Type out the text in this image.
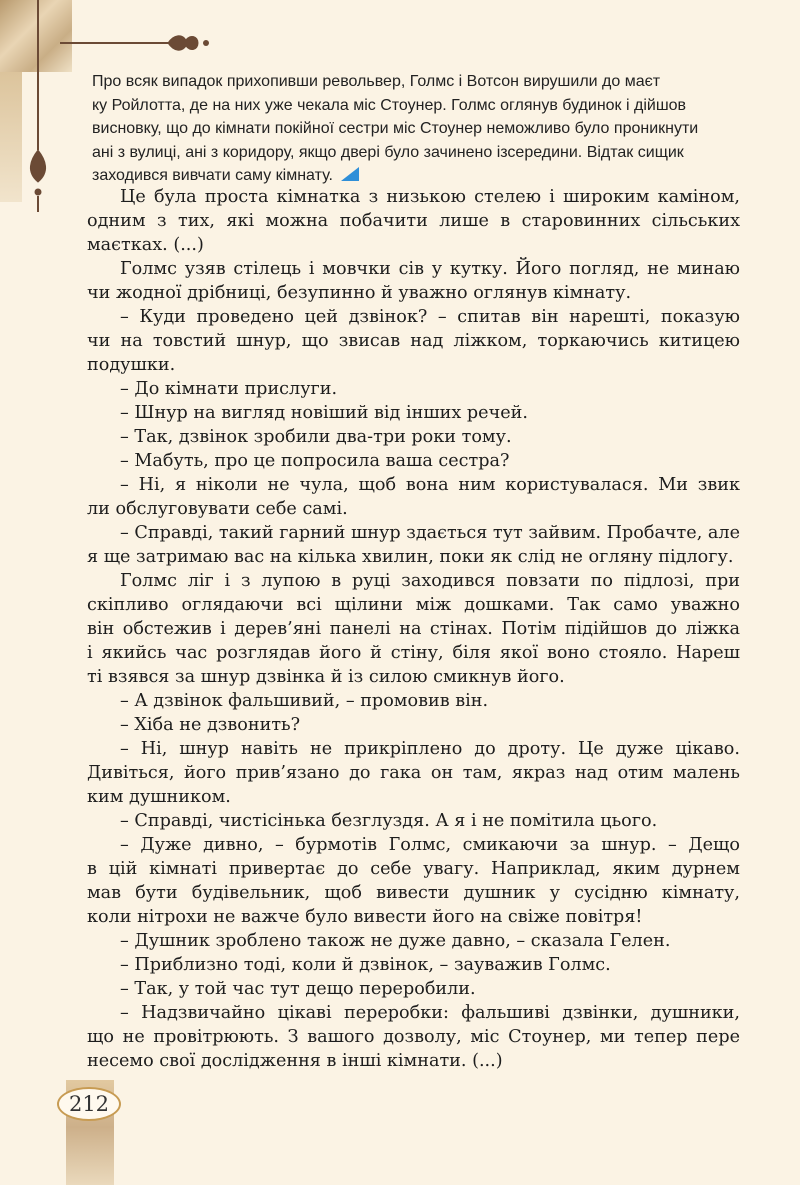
Про всяк випадок прихопивши револьвер, Голмс і Вотсон вирушили до маєт
ку Ройлотта, де на них уже чекала міс Стоунер. Голмс оглянув будинок і дійшов
висновку, що до кімнати покійної сестри міс Стоунер неможливо було проникнути
ані з вулиці, ані з коридору, якщо двері було зачинено ізсередини. Відтак сищик
заходився вивчати саму кімнату.
Це була проста кімнатка з низькою стелею і широким каміном,
одним з тих, які можна побачити лише в старовинних сільських
маєтках. (...)
Голмс узяв стілець і мовчки сів у кутку. Його погляд, не минаю
чи жодної дрібниці, безупинно й уважно оглянув кімнату.
– Куди проведено цей дзвінок? – спитав він нарешті, показую
чи на товстий шнур, що звисав над ліжком, торкаючись китицею
подушки.
– До кімнати прислуги.
– Шнур на вигляд новіший від інших речей.
– Так, дзвінок зробили два-три роки тому.
– Мабуть, про це попросила ваша сестра?
– Ні, я ніколи не чула, щоб вона ним користувалася. Ми звик
ли обслуговувати себе самі.
– Справді, такий гарний шнур здається тут зайвим. Пробачте, але
я ще затримаю вас на кілька хвилин, поки як слід не огляну підлогу.
Голмс ліг і з лупою в руці заходився повзати по підлозі, при
скіпливо оглядаючи всі щілини між дошками. Так само уважно
він обстежив і дерев’яні панелі на стінах. Потім підійшов до ліжка
і якийсь час розглядав його й стіну, біля якої воно стояло. Нареш
ті взявся за шнур дзвінка й із силою смикнув його.
– А дзвінок фальшивий, – промовив він.
– Хіба не дзвонить?
– Ні, шнур навіть не прикріплено до дроту. Це дуже цікаво.
Дивіться, його прив’язано до гака он там, якраз над отим малень
ким душником.
– Справді, чистісінька безглуздя. А я і не помітила цього.
– Дуже дивно, – бурмотів Голмс, смикаючи за шнур. – Дещо
в цій кімнаті привертає до себе увагу. Наприклад, яким дурнем
мав бути будівельник, щоб вивести душник у сусідню кімнату,
коли нітрохи не важче було вивести його на свіже повітря!
– Душник зроблено також не дуже давно, – сказала Гелен.
– Приблизно тоді, коли й дзвінок, – зауважив Голмс.
– Так, у той час тут дещо переробили.
– Надзвичайно цікаві переробки: фальшиві дзвінки, душники,
що не провітрюють. З вашого дозволу, міс Стоунер, ми тепер пере
несемо свої дослідження в інші кімнати. (...)
212
